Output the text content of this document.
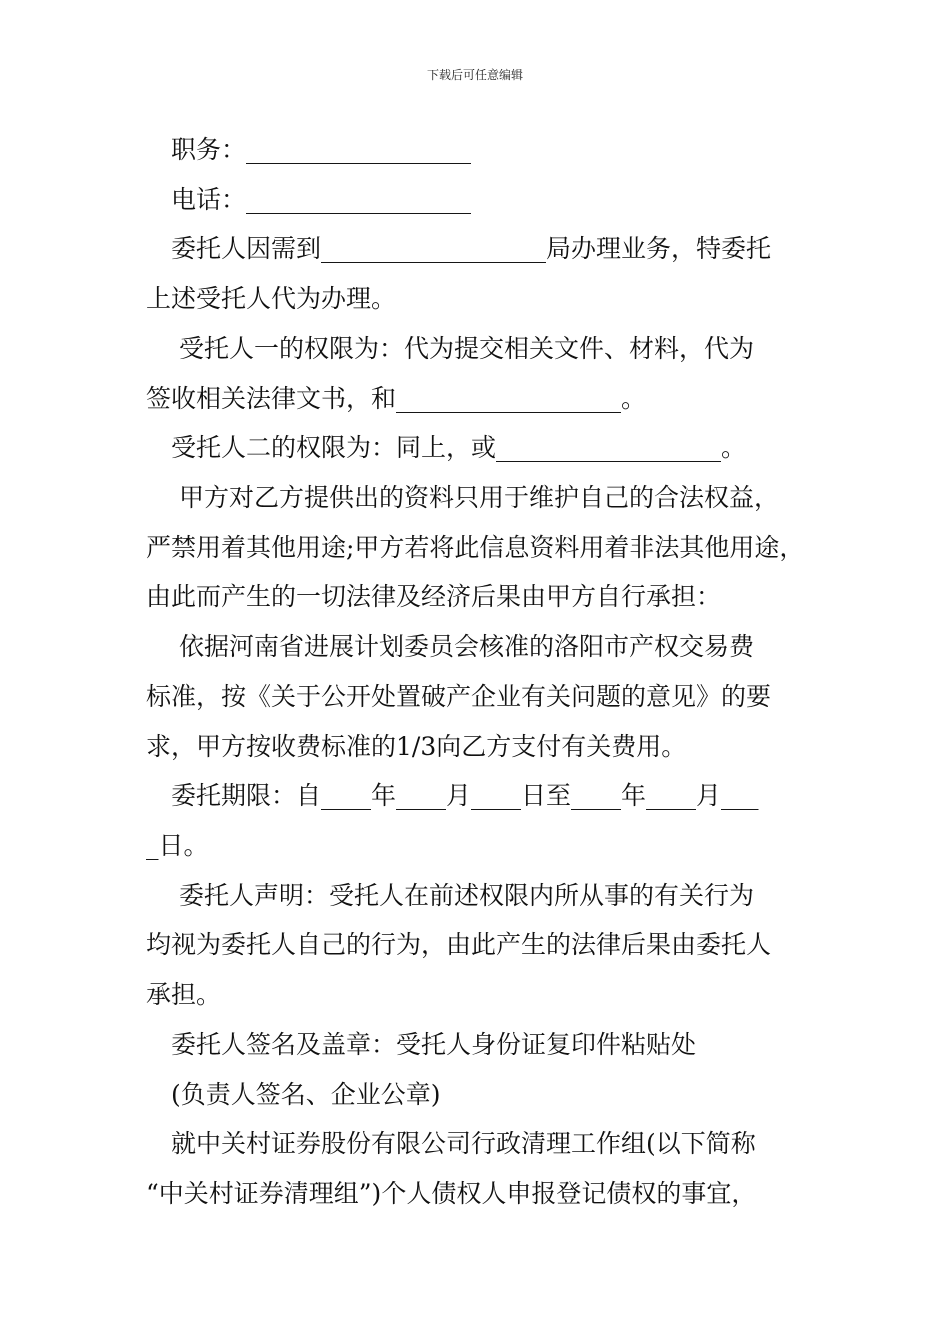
下载后可任意编辑
　职务：__________________
　电话：__________________
　委托人因需到__________________局办理业务，特委托
上述受托人代为办理。
　 受托人一的权限为：代为提交相关文件、材料，代为
签收相关法律文书，和__________________。
　受托人二的权限为：同上，或__________________。
　 甲方对乙方提供出的资料只用于维护自己的合法权益，
严禁用着其他用途;甲方若将此信息资料用着非法其他用途，
由此而产生的一切法律及经济后果由甲方自行承担：
　 依据河南省进展计划委员会核准的洛阳市产权交易费
标准，按《关于公开处置破产企业有关问题的意见》的要
求，甲方按收费标准的1/3向乙方支付有关费用。
　委托期限：自____年____月____日至____年____月___
_日。
　 委托人声明：受托人在前述权限内所从事的有关行为
均视为委托人自己的行为，由此产生的法律后果由委托人
承担。
　委托人签名及盖章：受托人身份证复印件粘贴处
　(负责人签名、企业公章)
　就中关村证券股份有限公司行政清理工作组(以下简称
“中关村证券清理组”)个人债权人申报登记债权的事宜，
